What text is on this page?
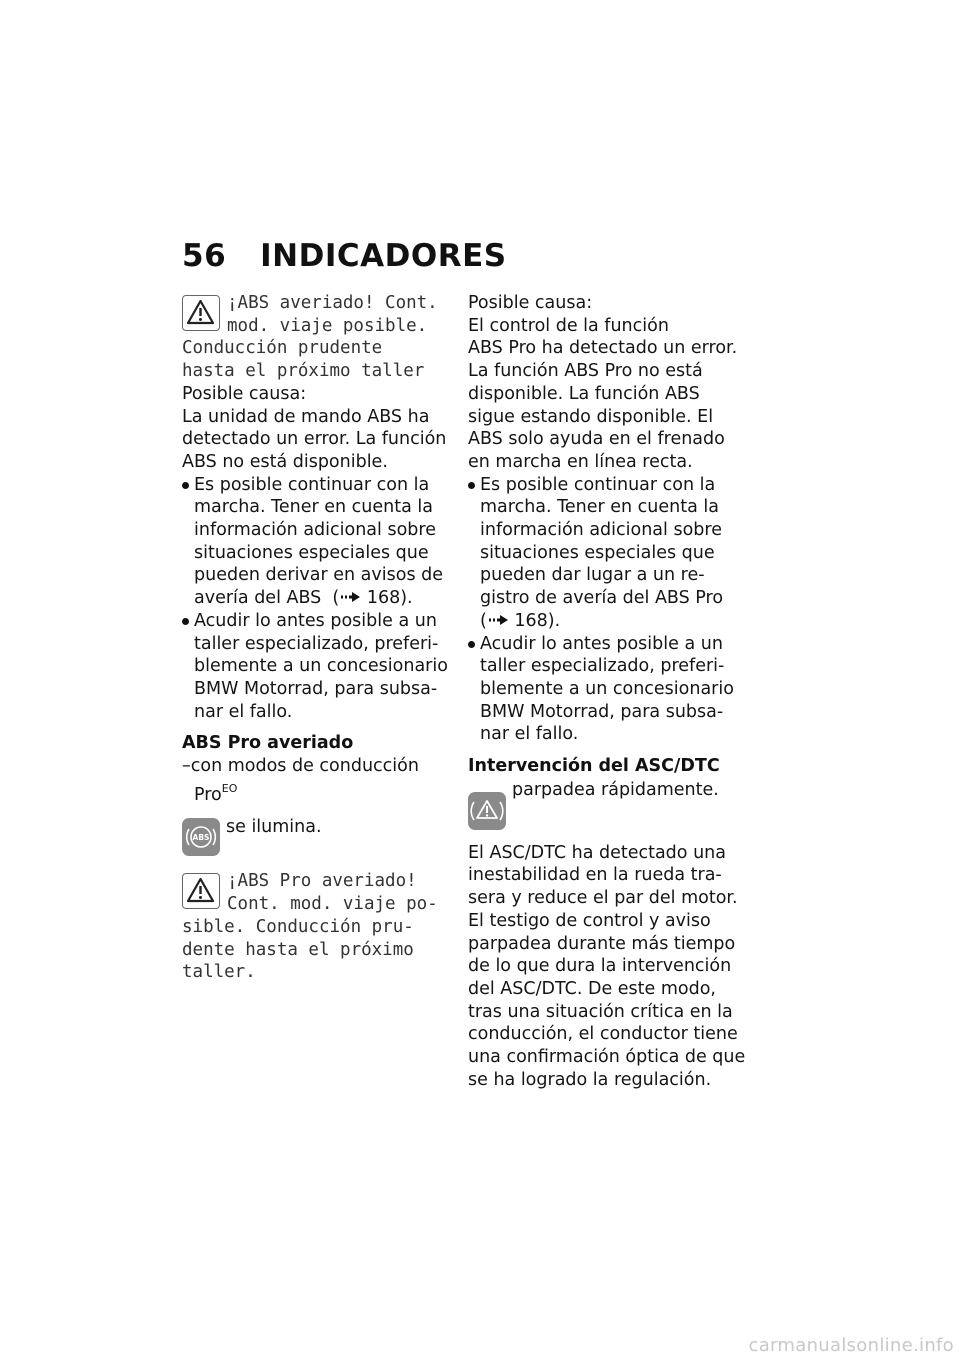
56 INDICADORES
¡ABS averiado! Cont.
mod. viaje posible.
Conducción prudente
hasta el próximo taller
Posible causa:
La unidad de mando ABS ha
detectado un error. La función
ABS no está disponible.
Es posible continuar con la
marcha. Tener en cuenta la
información adicional sobre
situaciones especiales que
pueden derivar en avisos de
avería del ABS  ( 168).
Acudir lo antes posible a un
taller especializado, preferi-
blemente a un concesionario
BMW Motorrad, para subsa-
nar el fallo.
ABS Pro averiado
–con modos de conducción
Pro$^{EO}$
ABS
se ilumina.
¡ABS Pro averiado!
Cont. mod. viaje po-
sible. Conducción pru-
dente hasta el próximo
taller.
Posible causa:
El control de la función
ABS Pro ha detectado un error.
La función ABS Pro no está
disponible. La función ABS
sigue estando disponible. El
ABS solo ayuda en el frenado
en marcha en línea recta.
Es posible continuar con la
marcha. Tener en cuenta la
información adicional sobre
situaciones especiales que
pueden dar lugar a un re-
gistro de avería del ABS Pro
( 168).
Acudir lo antes posible a un
taller especializado, preferi-
blemente a un concesionario
BMW Motorrad, para subsa-
nar el fallo.
Intervención del ASC/DTC
parpadea rápidamente.
El ASC/DTC ha detectado una
inestabilidad en la rueda tra-
sera y reduce el par del motor.
El testigo de control y aviso
parpadea durante más tiempo
de lo que dura la intervención
del ASC/DTC. De este modo,
tras una situación crítica en la
conducción, el conductor tiene
una confirmación óptica de que
se ha logrado la regulación.
carmanualsonline.info
